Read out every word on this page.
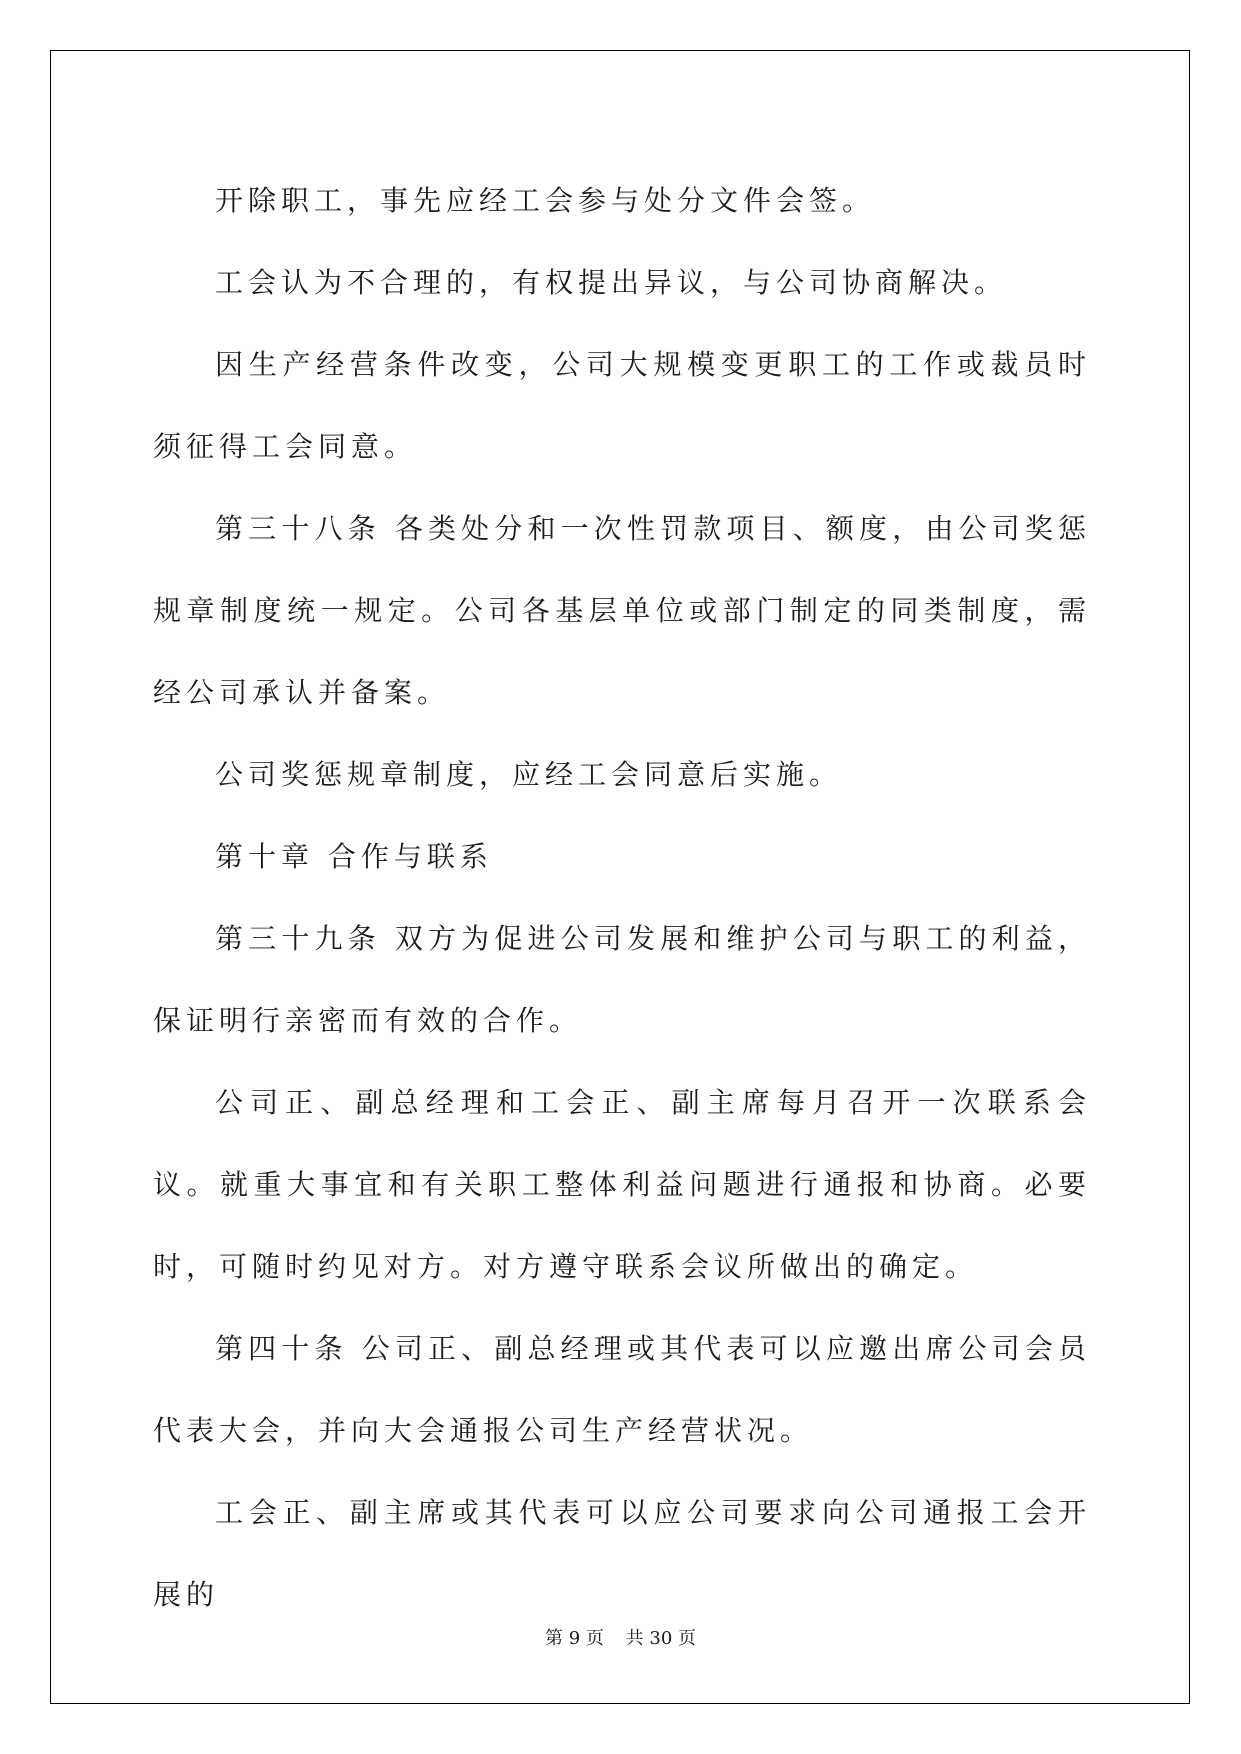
开除职工，事先应经工会参与处分文件会签。

工会认为不合理的，有权提出异议，与公司协商解决。

因生产经营条件改变，公司大规模变更职工的工作或裁员时须征得工会同意。

第三十八条 各类处分和一次性罚款项目、额度，由公司奖惩规章制度统一规定。公司各基层单位或部门制定的同类制度，需经公司承认并备案。

公司奖惩规章制度，应经工会同意后实施。

第十章 合作与联系

第三十九条 双方为促进公司发展和维护公司与职工的利益，保证明行亲密而有效的合作。

公司正、副总经理和工会正、副主席每月召开一次联系会议。就重大事宜和有关职工整体利益问题进行通报和协商。必要时，可随时约见对方。对方遵守联系会议所做出的确定。

第四十条 公司正、副总经理或其代表可以应邀出席公司会员代表大会，并向大会通报公司生产经营状况。

工会正、副主席或其代表可以应公司要求向公司通报工会开展的

第 9 页 共 30 页
